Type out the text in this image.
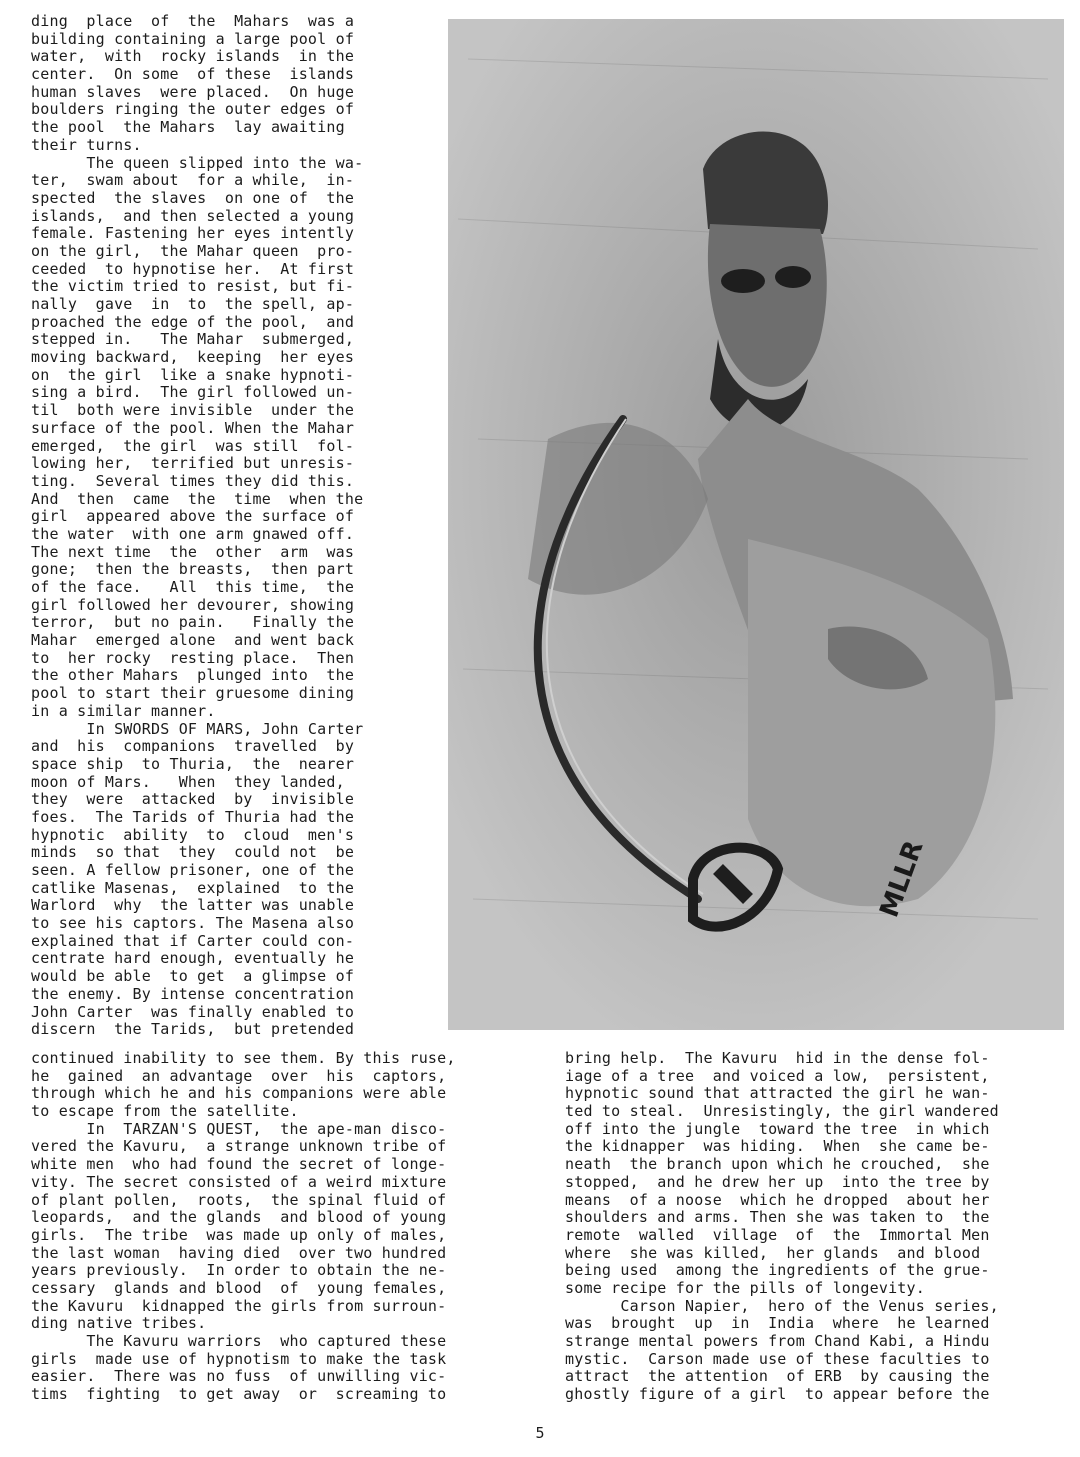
ding  place  of  the  Mahars  was a
building containing a large pool of
water,  with  rocky islands  in the
center.  On some  of these  islands
human slaves  were placed.  On huge
boulders ringing the outer edges of
the pool  the Mahars  lay awaiting
their turns.
The queen slipped into the wa-
ter,  swam about  for a while,  in-
spected  the slaves  on one of  the
islands,  and then selected a young
female. Fastening her eyes intently
on the girl,  the Mahar queen  pro-
ceeded  to hypnotise her.  At first
the victim tried to resist, but fi-
nally  gave  in  to  the spell, ap-
proached the edge of the pool,  and
stepped in.   The Mahar  submerged,
moving backward,  keeping  her eyes
on  the girl  like a snake hypnoti-
sing a bird.  The girl followed un-
til  both were invisible  under the
surface of the pool. When the Mahar
emerged,  the girl  was still  fol-
lowing her,  terrified but unresis-
ting.  Several times they did this.
And  then  came  the  time  when the
girl  appeared above the surface of
the water  with one arm gnawed off.
The next time  the  other  arm  was
gone;  then the breasts,  then part
of the face.   All  this time,  the
girl followed her devourer, showing
terror,  but no pain.   Finally the
Mahar  emerged alone  and went back
to  her rocky  resting place.  Then
the other Mahars  plunged into  the
pool to start their gruesome dining
in a similar manner.
In SWORDS OF MARS, John Carter
and  his  companions  travelled  by
space ship  to Thuria,  the  nearer
moon of Mars.   When  they landed,
they  were  attacked  by  invisible
foes.  The Tarids of Thuria had the
hypnotic  ability  to  cloud  men's
minds  so that  they  could not  be
seen. A fellow prisoner, one of the
catlike Masenas,  explained  to the
Warlord  why  the latter was unable
to see his captors. The Masena also
explained that if Carter could con-
centrate hard enough, eventually he
would be able  to get  a glimpse of
the enemy. By intense concentration
John Carter  was finally enabled to
discern  the Tarids,  but pretended
MLLR
continued inability to see them. By this ruse,
he  gained  an advantage  over  his  captors,
through which he and his companions were able
to escape from the satellite.
In  TARZAN'S QUEST,  the ape-man disco-
vered the Kavuru,  a strange unknown tribe of
white men  who had found the secret of longe-
vity. The secret consisted of a weird mixture
of plant pollen,  roots,  the spinal fluid of
leopards,  and the glands  and blood of young
girls.  The tribe  was made up only of males,
the last woman  having died  over two hundred
years previously.  In order to obtain the ne-
cessary  glands and blood  of  young females,
the Kavuru  kidnapped the girls from surroun-
ding native tribes.
The Kavuru warriors  who captured these
girls  made use of hypnotism to make the task
easier.  There was no fuss  of unwilling vic-
tims  fighting  to get away  or  screaming to
bring help.  The Kavuru  hid in the dense fol-
iage of a tree  and voiced a low,  persistent,
hypnotic sound that attracted the girl he wan-
ted to steal.  Unresistingly, the girl wandered
off into the jungle  toward the tree  in which
the kidnapper  was hiding.  When  she came be-
neath  the branch upon which he crouched,  she
stopped,  and he drew her up  into the tree by
means  of a noose  which he dropped  about her
shoulders and arms. Then she was taken to  the
remote  walled  village  of  the  Immortal Men
where  she was killed,  her glands  and blood
being used  among the ingredients of the grue-
some recipe for the pills of longevity.
Carson Napier,  hero of the Venus series,
was  brought  up  in  India  where  he learned
strange mental powers from Chand Kabi, a Hindu
mystic.  Carson made use of these faculties to
attract  the attention  of ERB  by causing the
ghostly figure of a girl  to appear before the
5
